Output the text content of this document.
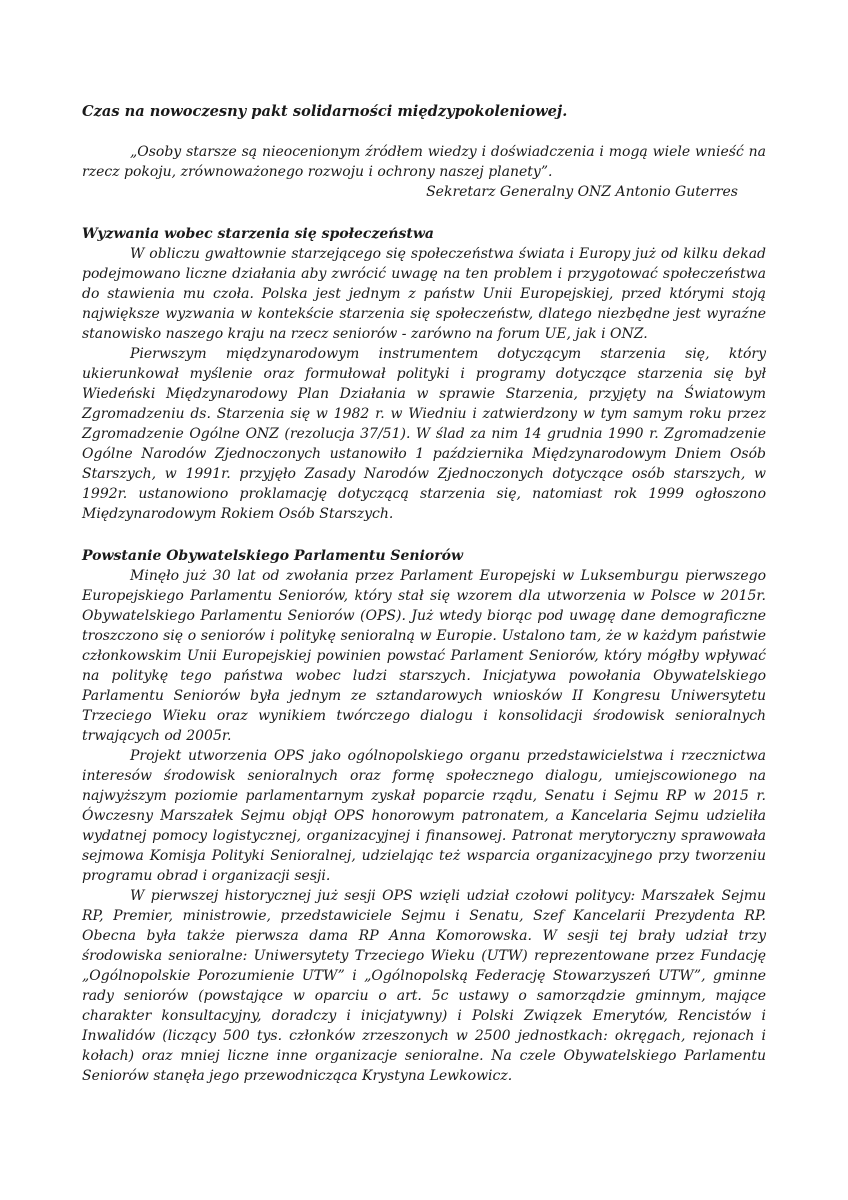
Czas na nowoczesny pakt solidarności międzypokoleniowej.

„Osoby starsze są nieocenionym źródłem wiedzy i doświadczenia i mogą wiele wnieść na rzecz pokoju, zrównoważonego rozwoju i ochrony naszej planety”.

Sekretarz Generalny ONZ Antonio Guterres

Wyzwania wobec starzenia się społeczeństwa

W obliczu gwałtownie starzejącego się społeczeństwa świata i Europy już od kilku dekad podejmowano liczne działania aby zwrócić uwagę na ten problem i przygotować społeczeństwa do stawienia mu czoła. Polska jest jednym z państw Unii Europejskiej, przed którymi stoją największe wyzwania w kontekście starzenia się społeczeństw, dlatego niezbędne jest wyraźne stanowisko naszego kraju na rzecz seniorów - zarówno na forum UE, jak i ONZ.

Pierwszym międzynarodowym instrumentem dotyczącym starzenia się, który ukierunkował myślenie oraz formułował polityki i programy dotyczące starzenia się był Wiedeński Międzynarodowy Plan Działania w sprawie Starzenia, przyjęty na Światowym Zgromadzeniu ds. Starzenia się w 1982 r. w Wiedniu i zatwierdzony w tym samym roku przez Zgromadzenie Ogólne ONZ (rezolucja 37/51). W ślad za nim 14 grudnia 1990 r. Zgromadzenie Ogólne Narodów Zjednoczonych ustanowiło 1 października Międzynarodowym Dniem Osób Starszych, w 1991r. przyjęło Zasady Narodów Zjednoczonych dotyczące osób starszych, w 1992r. ustanowiono proklamację dotyczącą starzenia się, natomiast rok 1999 ogłoszono Międzynarodowym Rokiem Osób Starszych.

Powstanie Obywatelskiego Parlamentu Seniorów

Minęło już 30 lat od zwołania przez Parlament Europejski w Luksemburgu pierwszego Europejskiego Parlamentu Seniorów, który stał się wzorem dla utworzenia w Polsce w 2015r. Obywatelskiego Parlamentu Seniorów (OPS). Już wtedy biorąc pod uwagę dane demograficzne troszczono się o seniorów i politykę senioralną w Europie. Ustalono tam, że w każdym państwie członkowskim Unii Europejskiej powinien powstać Parlament Seniorów, który mógłby wpływać na politykę tego państwa wobec ludzi starszych. Inicjatywa powołania Obywatelskiego Parlamentu Seniorów była jednym ze sztandarowych wniosków II Kongresu Uniwersytetu Trzeciego Wieku oraz wynikiem twórczego dialogu i konsolidacji środowisk senioralnych trwających od 2005r.

Projekt utworzenia OPS jako ogólnopolskiego organu przedstawicielstwa i rzecznictwa interesów środowisk senioralnych oraz formę społecznego dialogu, umiejscowionego na najwyższym poziomie parlamentarnym zyskał poparcie rządu, Senatu i Sejmu RP w 2015 r. Ówczesny Marszałek Sejmu objął OPS honorowym patronatem, a Kancelaria Sejmu udzieliła wydatnej pomocy logistycznej, organizacyjnej i finansowej. Patronat merytoryczny sprawowała sejmowa Komisja Polityki Senioralnej, udzielając też wsparcia organizacyjnego przy tworzeniu programu obrad i organizacji sesji.

W pierwszej historycznej już sesji OPS wzięli udział czołowi politycy: Marszałek Sejmu RP, Premier, ministrowie, przedstawiciele Sejmu i Senatu, Szef Kancelarii Prezydenta RP. Obecna była także pierwsza dama RP Anna Komorowska. W sesji tej brały udział trzy środowiska senioralne: Uniwersytety Trzeciego Wieku (UTW) reprezentowane przez Fundację „Ogólnopolskie Porozumienie UTW” i „Ogólnopolską Federację Stowarzyszeń UTW”, gminne rady seniorów (powstające w oparciu o art. 5c ustawy o samorządzie gminnym, mające charakter konsultacyjny, doradczy i inicjatywny) i Polski Związek Emerytów, Rencistów i Inwalidów (liczący 500 tys. członków zrzeszonych w 2500 jednostkach: okręgach, rejonach i kołach) oraz mniej liczne inne organizacje senioralne. Na czele Obywatelskiego Parlamentu Seniorów stanęła jego przewodnicząca Krystyna Lewkowicz.
